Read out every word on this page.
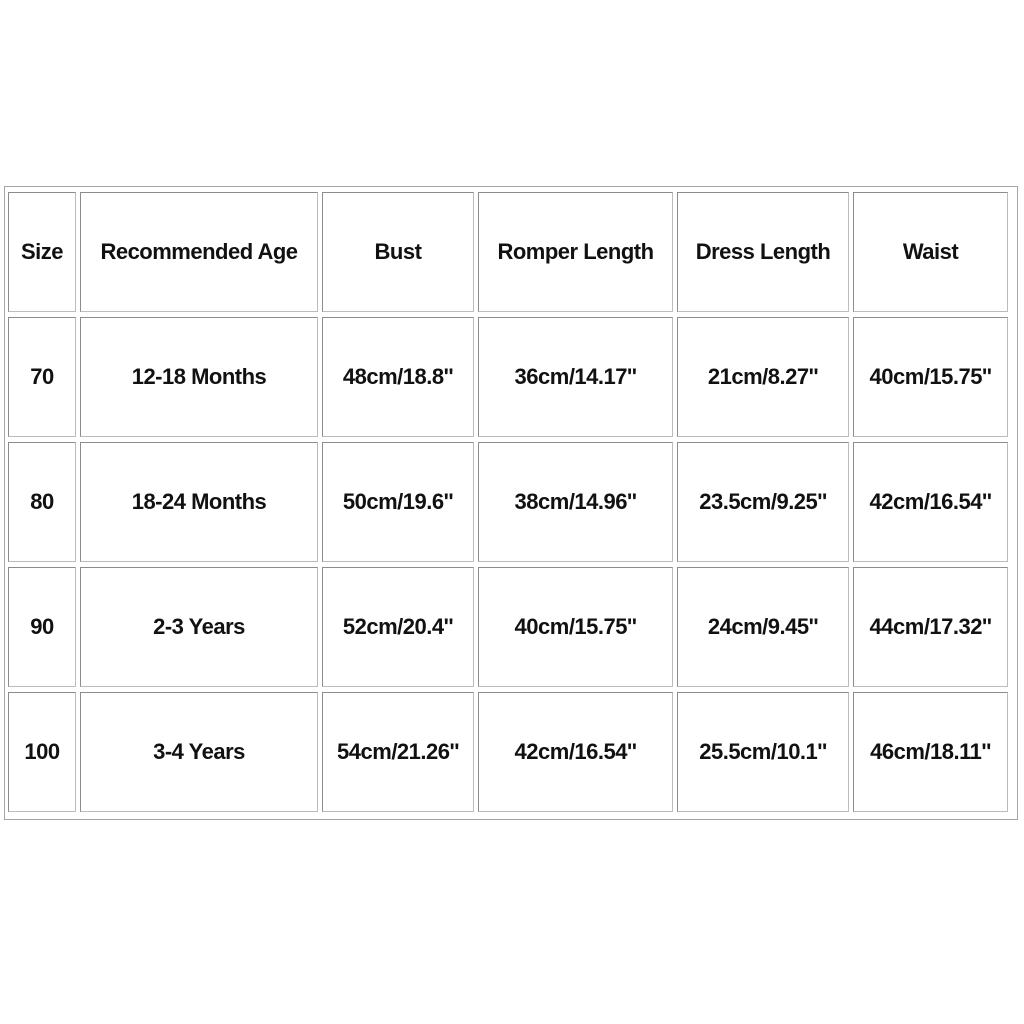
Size	Recommended Age	Bust	Romper Length	Dress Length	Waist
70	12-18 Months	48cm/18.8''	36cm/14.17''	21cm/8.27''	40cm/15.75''
80	18-24 Months	50cm/19.6''	38cm/14.96''	23.5cm/9.25''	42cm/16.54''
90	2-3 Years	52cm/20.4''	40cm/15.75''	24cm/9.45''	44cm/17.32''
100	3-4 Years	54cm/21.26''	42cm/16.54''	25.5cm/10.1''	46cm/18.11''
